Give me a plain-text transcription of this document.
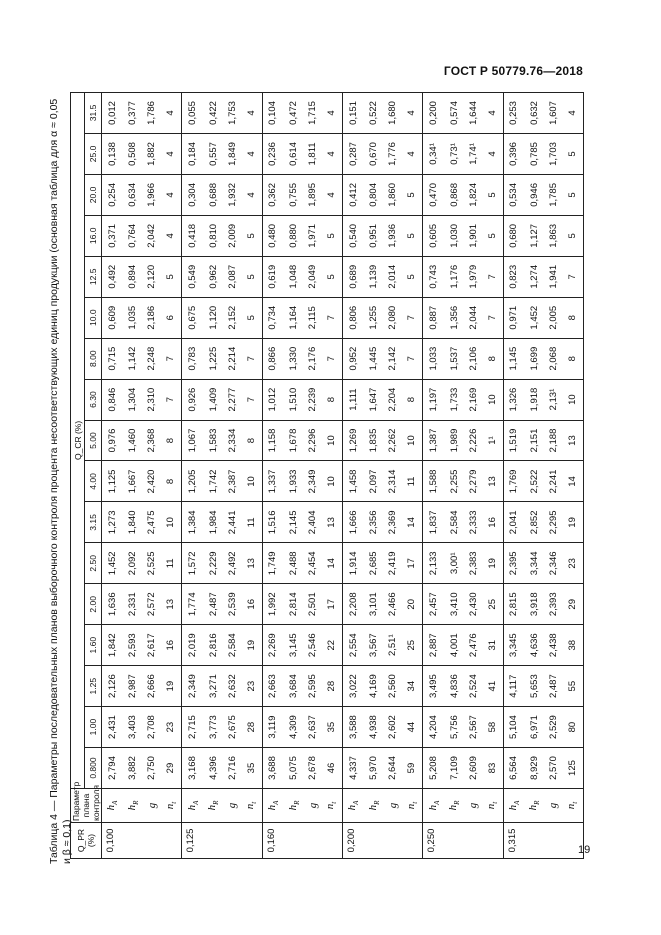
ГОСТ Р 50779.76—2018
Таблица 4 — Параметры последовательных планов выборочного контроля процента несоответствующих единиц продукции (основная таблица для α ≈ 0,05 и β ≈ 0,1) Q_PR (%)	Параметр плана контроля	Q_CR (%)																
		0.800	1.00	1.25	1.60	2.00	2.50	3.15	4.00	5.00	6.30	8.00	10.0	12.5	16.0	20.0	25.0	31.5
0,100	$h_A$	2,794	2,431	2,126	1,842	1,636	1,452	1,273	1,125	0,976	0,846	0,715	0,609	0,492	0,371	0,254	0,138	0,012
	$h_R$	3,882	3,403	2,987	2,593	2,331	2,092	1,840	1,667	1,460	1,304	1,142	1,035	0,894	0,764	0,634	0,508	0,377
	g	2,750	2,708	2,666	2,617	2,572	2,525	2,475	2,420	2,368	2,310	2,248	2,186	2,120	2,042	1,966	1,882	1,786
	$n_t$	29	23	19	16	13	11	10	8	8	7	7	6	5	4	4	4	4
0,125	$h_A$	3,168	2,715	2,349	2,019	1,774	1,572	1,384	1,205	1,067	0,926	0,783	0,675	0,549	0,418	0,304	0,184	0,055
	$h_R$	4,396	3,773	3,271	2,816	2,487	2,229	1,984	1,742	1,583	1,409	1,225	1,120	0,962	0,810	0,688	0,557	0,422
	g	2,716	2,675	2,632	2,584	2,539	2,492	2,441	2,387	2,334	2,277	2,214	2,152	2,087	2,009	1,932	1,849	1,753
	$n_t$	35	28	23	19	16	13	11	10	8	7	7	5	5	5	4	4	4
0,160	$h_A$	3,688	3,119	2,663	2,269	1,992	1,749	1,516	1,337	1,158	1,012	0,866	0,734	0,619	0,480	0,362	0,236	0,104
	$h_R$	5,075	4,309	3,684	3,145	2,814	2,488	2,145	1,933	1,678	1,510	1,330	1,164	1,048	0,880	0,755	0,614	0,472
	g	2,678	2,637	2,595	2,546	2,501	2,454	2,404	2,349	2,296	2,239	2,176	2,115	2,049	1,971	1,895	1,811	1,715
	$n_t$	46	35	28	22	17	14	13	10	10	8	7	7	5	5	4	4	4
0,200	$h_A$	4,337	3,588	3,022	2,554	2,208	1,914	1,666	1,458	1,269	1,111	0,952	0,806	0,689	0,540	0,412	0,287	0,151
	$h_R$	5,970	4,938	4,169	3,567	3,101	2,685	2,356	2,097	1,835	1,647	1,445	1,255	1,139	0,951	0,804	0,670	0,522
	g	2,644	2,602	2,560	2,51¹	2,466	2,419	2,369	2,314	2,262	2,204	2,142	2,080	2,014	1,936	1,860	1,776	1,680
	$n_t$	59	44	34	25	20	17	14	11	10	8	7	7	5	5	5	4	4
0,250	$h_A$	5,208	4,204	3,495	2,887	2,457	2,133	1,837	1,588	1,387	1,197	1,033	0,887	0,743	0,605	0,470	0,34¹	0,200
	$h_R$	7,109	5,756	4,836	4,001	3,410	3,00¹	2,584	2,255	1,989	1,733	1,537	1,356	1,176	1,030	0,868	0,73¹	0,574
	g	2,609	2,567	2,524	2,476	2,430	2,383	2,333	2,279	2,226	2,169	2,106	2,044	1,979	1,901	1,824	1,74¹	1,644
	$n_t$	83	58	41	31	25	19	16	13	1¹	10	8	7	7	5	5	4	4
0,315	$h_A$	6,564	5,104	4,117	3,345	2,815	2,395	2,041	1,769	1,519	1,326	1,145	0,971	0,823	0,680	0,534	0,396	0,253
	$h_R$	8,929	6,971	5,653	4,636	3,918	3,344	2,852	2,522	2,151	1,918	1,699	1,452	1,274	1,127	0,946	0,785	0,632
	g	2,570	2,529	2,487	2,438	2,393	2,346	2,295	2,241	2,188	2,13¹	2,068	2,005	1,941	1,863	1,785	1,703	1,607
	$n_t$	125	80	55	38	29	23	19	14	13	10	8	8	7	5	5	5	4
19
